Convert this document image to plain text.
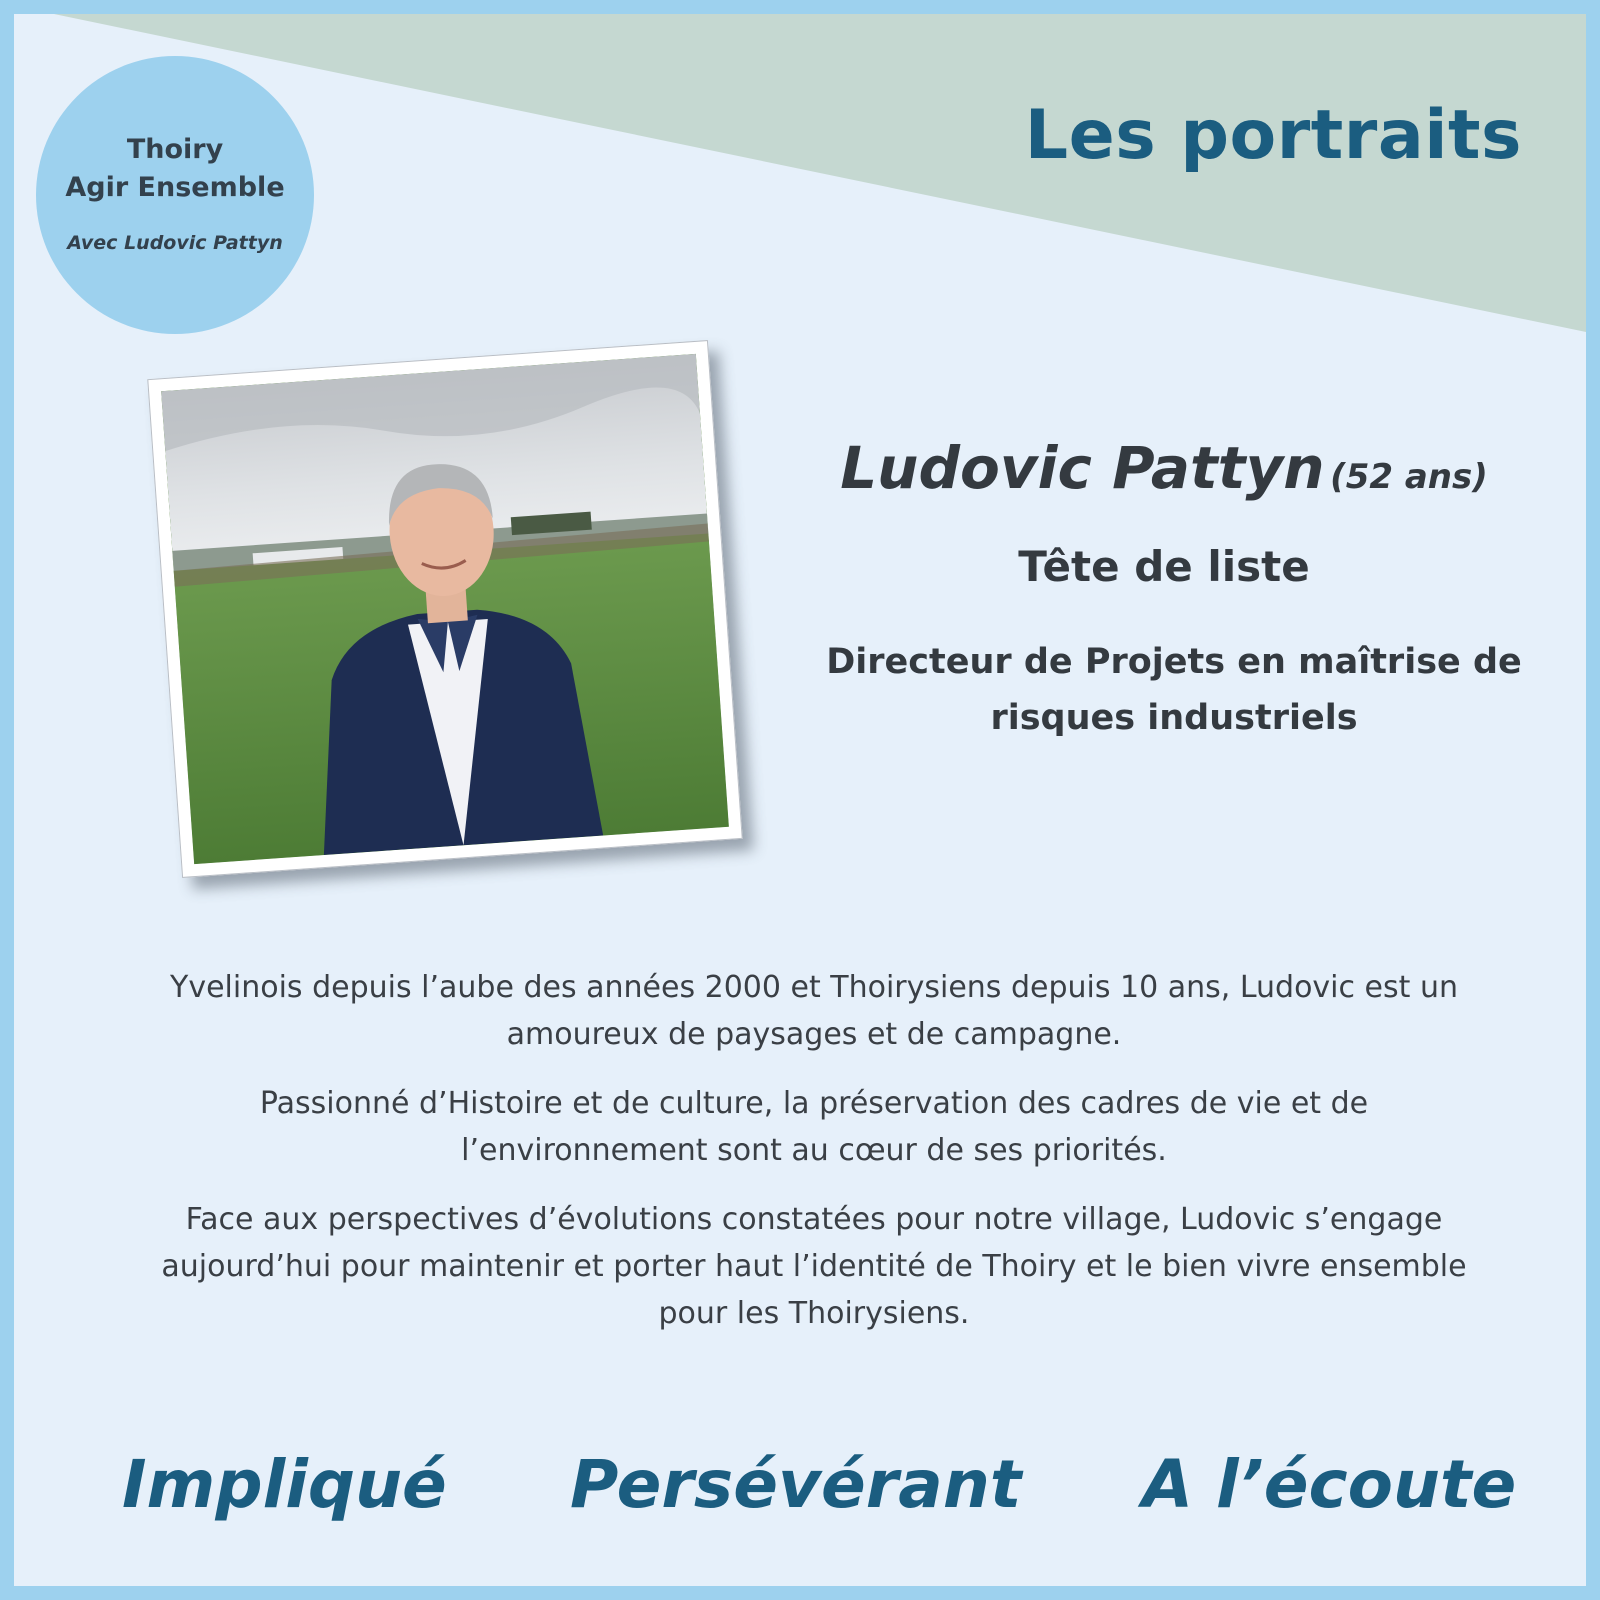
Les portraits
Thoiry
Agir Ensemble
Avec Ludovic Pattyn

Ludovic Pattyn (52 ans)

Tête de liste
Directeur de Projets en maîtrise de
risques industriels

Yvelinois depuis l’aube des années 2000 et Thoirysiens depuis 10 ans, Ludovic est un
amoureux de paysages et de campagne.

Passionné d’Histoire et de culture, la préservation des cadres de vie et de
l’environnement sont au cœur de ses priorités.

Face aux perspectives d’évolutions constatées pour notre village, Ludovic s’engage
aujourd’hui pour maintenir et porter haut l’identité de Thoiry et le bien vivre ensemble
pour les Thoirysiens.

Impliqué Persévérant A l’écoute
